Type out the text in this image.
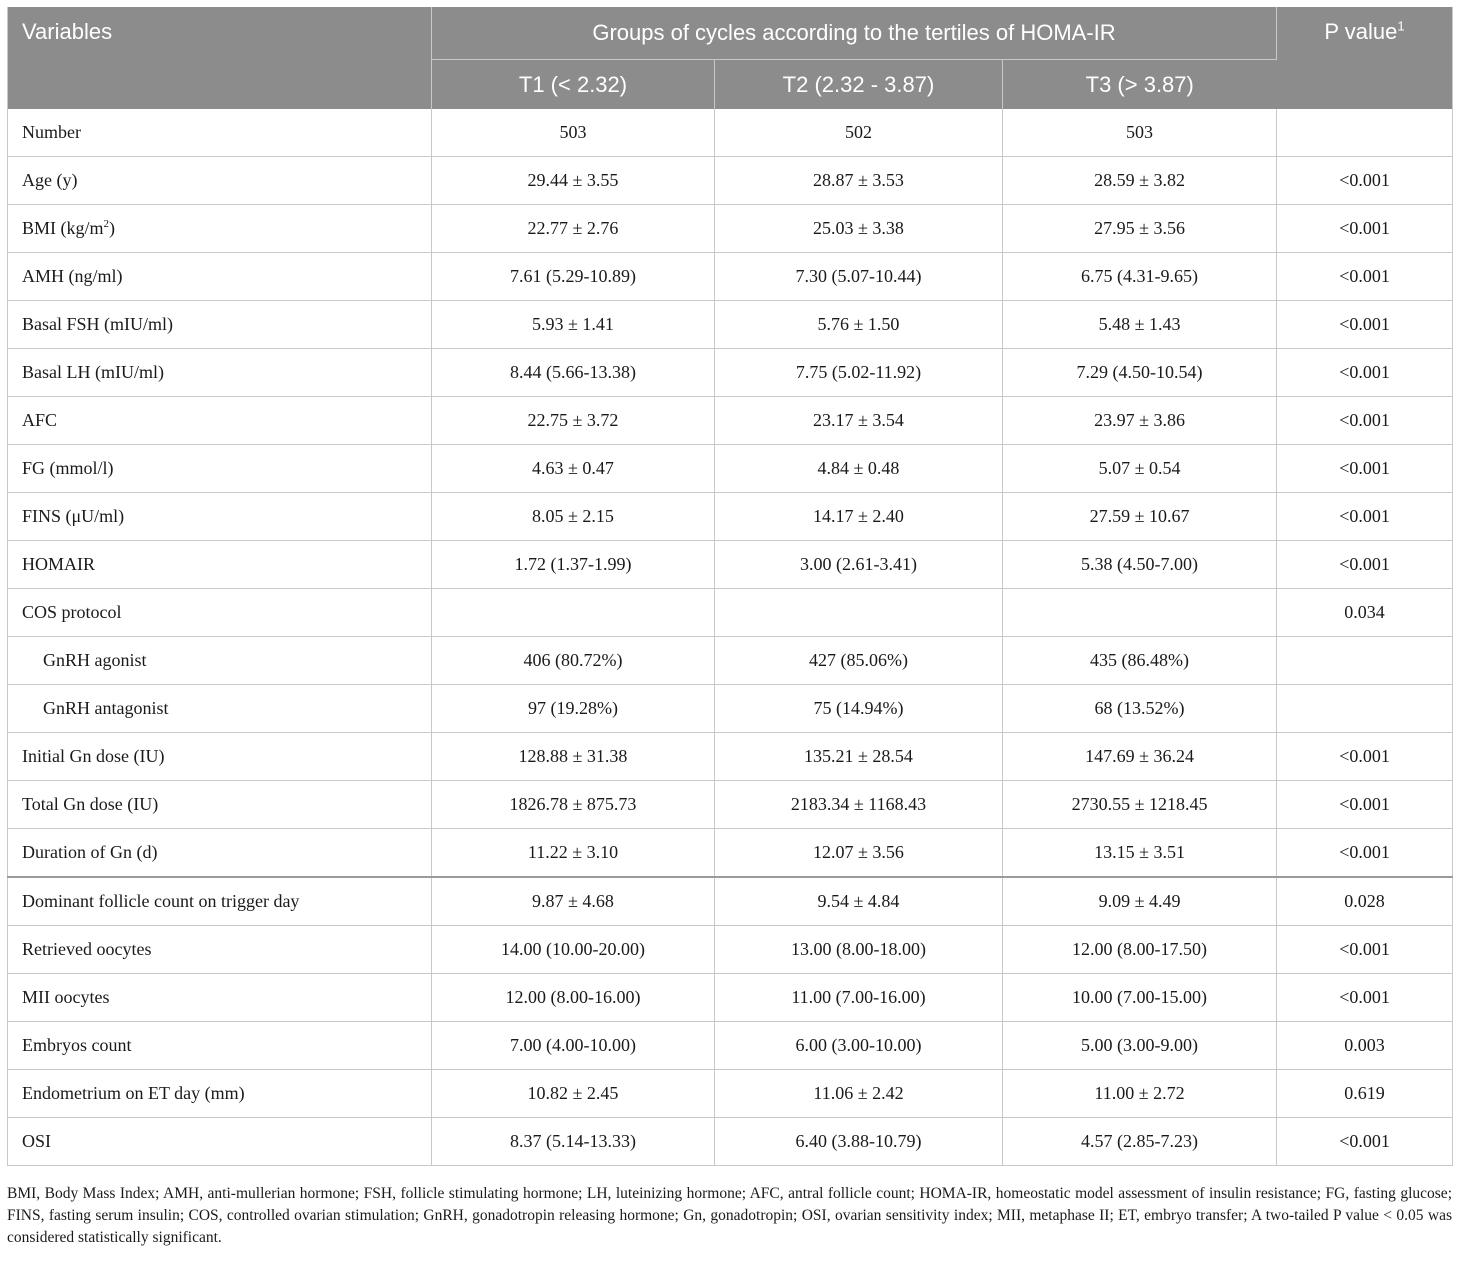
Variables	Groups of cycles according to the tertiles of HOMA-IR			P value$^1$
	T1 (< 2.32)	T2 (2.32 - 3.87)	T3 (> 3.87)	
Number	503	502	503	
Age (y)	29.44 ± 3.55	28.87 ± 3.53	28.59 ± 3.82	<0.001
BMI $(kg/m^2)$	22.77 ± 2.76	25.03 ± 3.38	27.95 ± 3.56	<0.001
AMH (ng/ml)	7.61 (5.29-10.89)	7.30 (5.07-10.44)	6.75 (4.31-9.65)	<0.001
Basal FSH (mIU/ml)	5.93 ± 1.41	5.76 ± 1.50	5.48 ± 1.43	<0.001
Basal LH (mIU/ml)	8.44 (5.66-13.38)	7.75 (5.02-11.92)	7.29 (4.50-10.54)	<0.001
AFC	22.75 ± 3.72	23.17 ± 3.54	23.97 ± 3.86	<0.001
FG (mmol/l)	4.63 ± 0.47	4.84 ± 0.48	5.07 ± 0.54	<0.001
FINS (μU/ml)	8.05 ± 2.15	14.17 ± 2.40	27.59 ± 10.67	<0.001
HOMAIR	1.72 (1.37-1.99)	3.00 (2.61-3.41)	5.38 (4.50-7.00)	<0.001
COS protocol				0.034
GnRH agonist	406 (80.72%)	427 (85.06%)	435 (86.48%)	
GnRH antagonist	97 (19.28%)	75 (14.94%)	68 (13.52%)	
Initial Gn dose (IU)	128.88 ± 31.38	135.21 ± 28.54	147.69 ± 36.24	<0.001
Total Gn dose (IU)	1826.78 ± 875.73	2183.34 ± 1168.43	2730.55 ± 1218.45	<0.001
Duration of Gn (d)	11.22 ± 3.10	12.07 ± 3.56	13.15 ± 3.51	<0.001
Dominant follicle count on trigger day	9.87 ± 4.68	9.54 ± 4.84	9.09 ± 4.49	0.028
Retrieved oocytes	14.00 (10.00-20.00)	13.00 (8.00-18.00)	12.00 (8.00-17.50)	<0.001
MII oocytes	12.00 (8.00-16.00)	11.00 (7.00-16.00)	10.00 (7.00-15.00)	<0.001
Embryos count	7.00 (4.00-10.00)	6.00 (3.00-10.00)	5.00 (3.00-9.00)	0.003
Endometrium on ET day (mm)	10.82 ± 2.45	11.06 ± 2.42	11.00 ± 2.72	0.619
OSI	8.37 (5.14-13.33)	6.40 (3.88-10.79)	4.57 (2.85-7.23)	<0.001
BMI, Body Mass Index; AMH, anti-mullerian hormone; FSH, follicle stimulating hormone; LH, luteinizing hormone; AFC, antral follicle count; HOMA-IR, homeostatic model assessment of insulin resistance; FG, fasting glucose; FINS, fasting serum insulin; COS, controlled ovarian stimulation; GnRH, gonadotropin releasing hormone; Gn, gonadotropin; OSI, ovarian sensitivity index; MII, metaphase II; ET, embryo transfer; A two-tailed P value < 0.05 was considered statistically significant.
